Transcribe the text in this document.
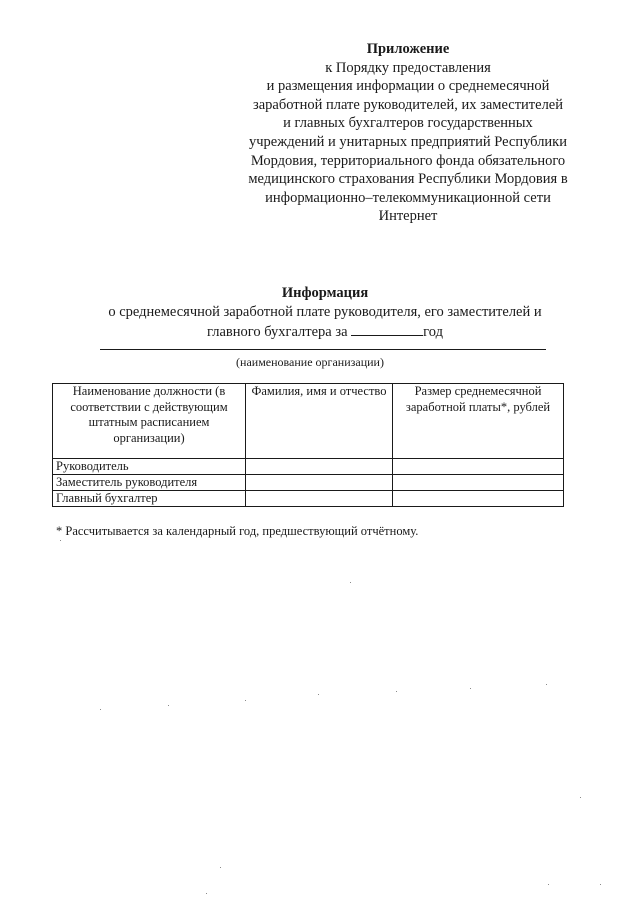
Приложение
к Порядку предоставления
и размещения информации о среднемесячной
заработной плате руководителей, их заместителей
и главных бухгалтеров государственных
учреждений и унитарных предприятий Республики
Мордовия, территориального фонда обязательного
медицинского страхования Республики Мордовия в
информационно–телекоммуникационной сети
Интернет
Информация
о среднемесячной заработной плате руководителя, его заместителей и
главного бухгалтера за	год
(наименование организации)
Наименование должности (в соответствии с действующим штатным расписанием организации)	Фамилия, имя и отчество	Размер среднемесячной заработной платы*, рублей
Руководитель		
Заместитель руководителя		
Главный бухгалтер		
* Рассчитывается за календарный год, предшествующий отчётному.
